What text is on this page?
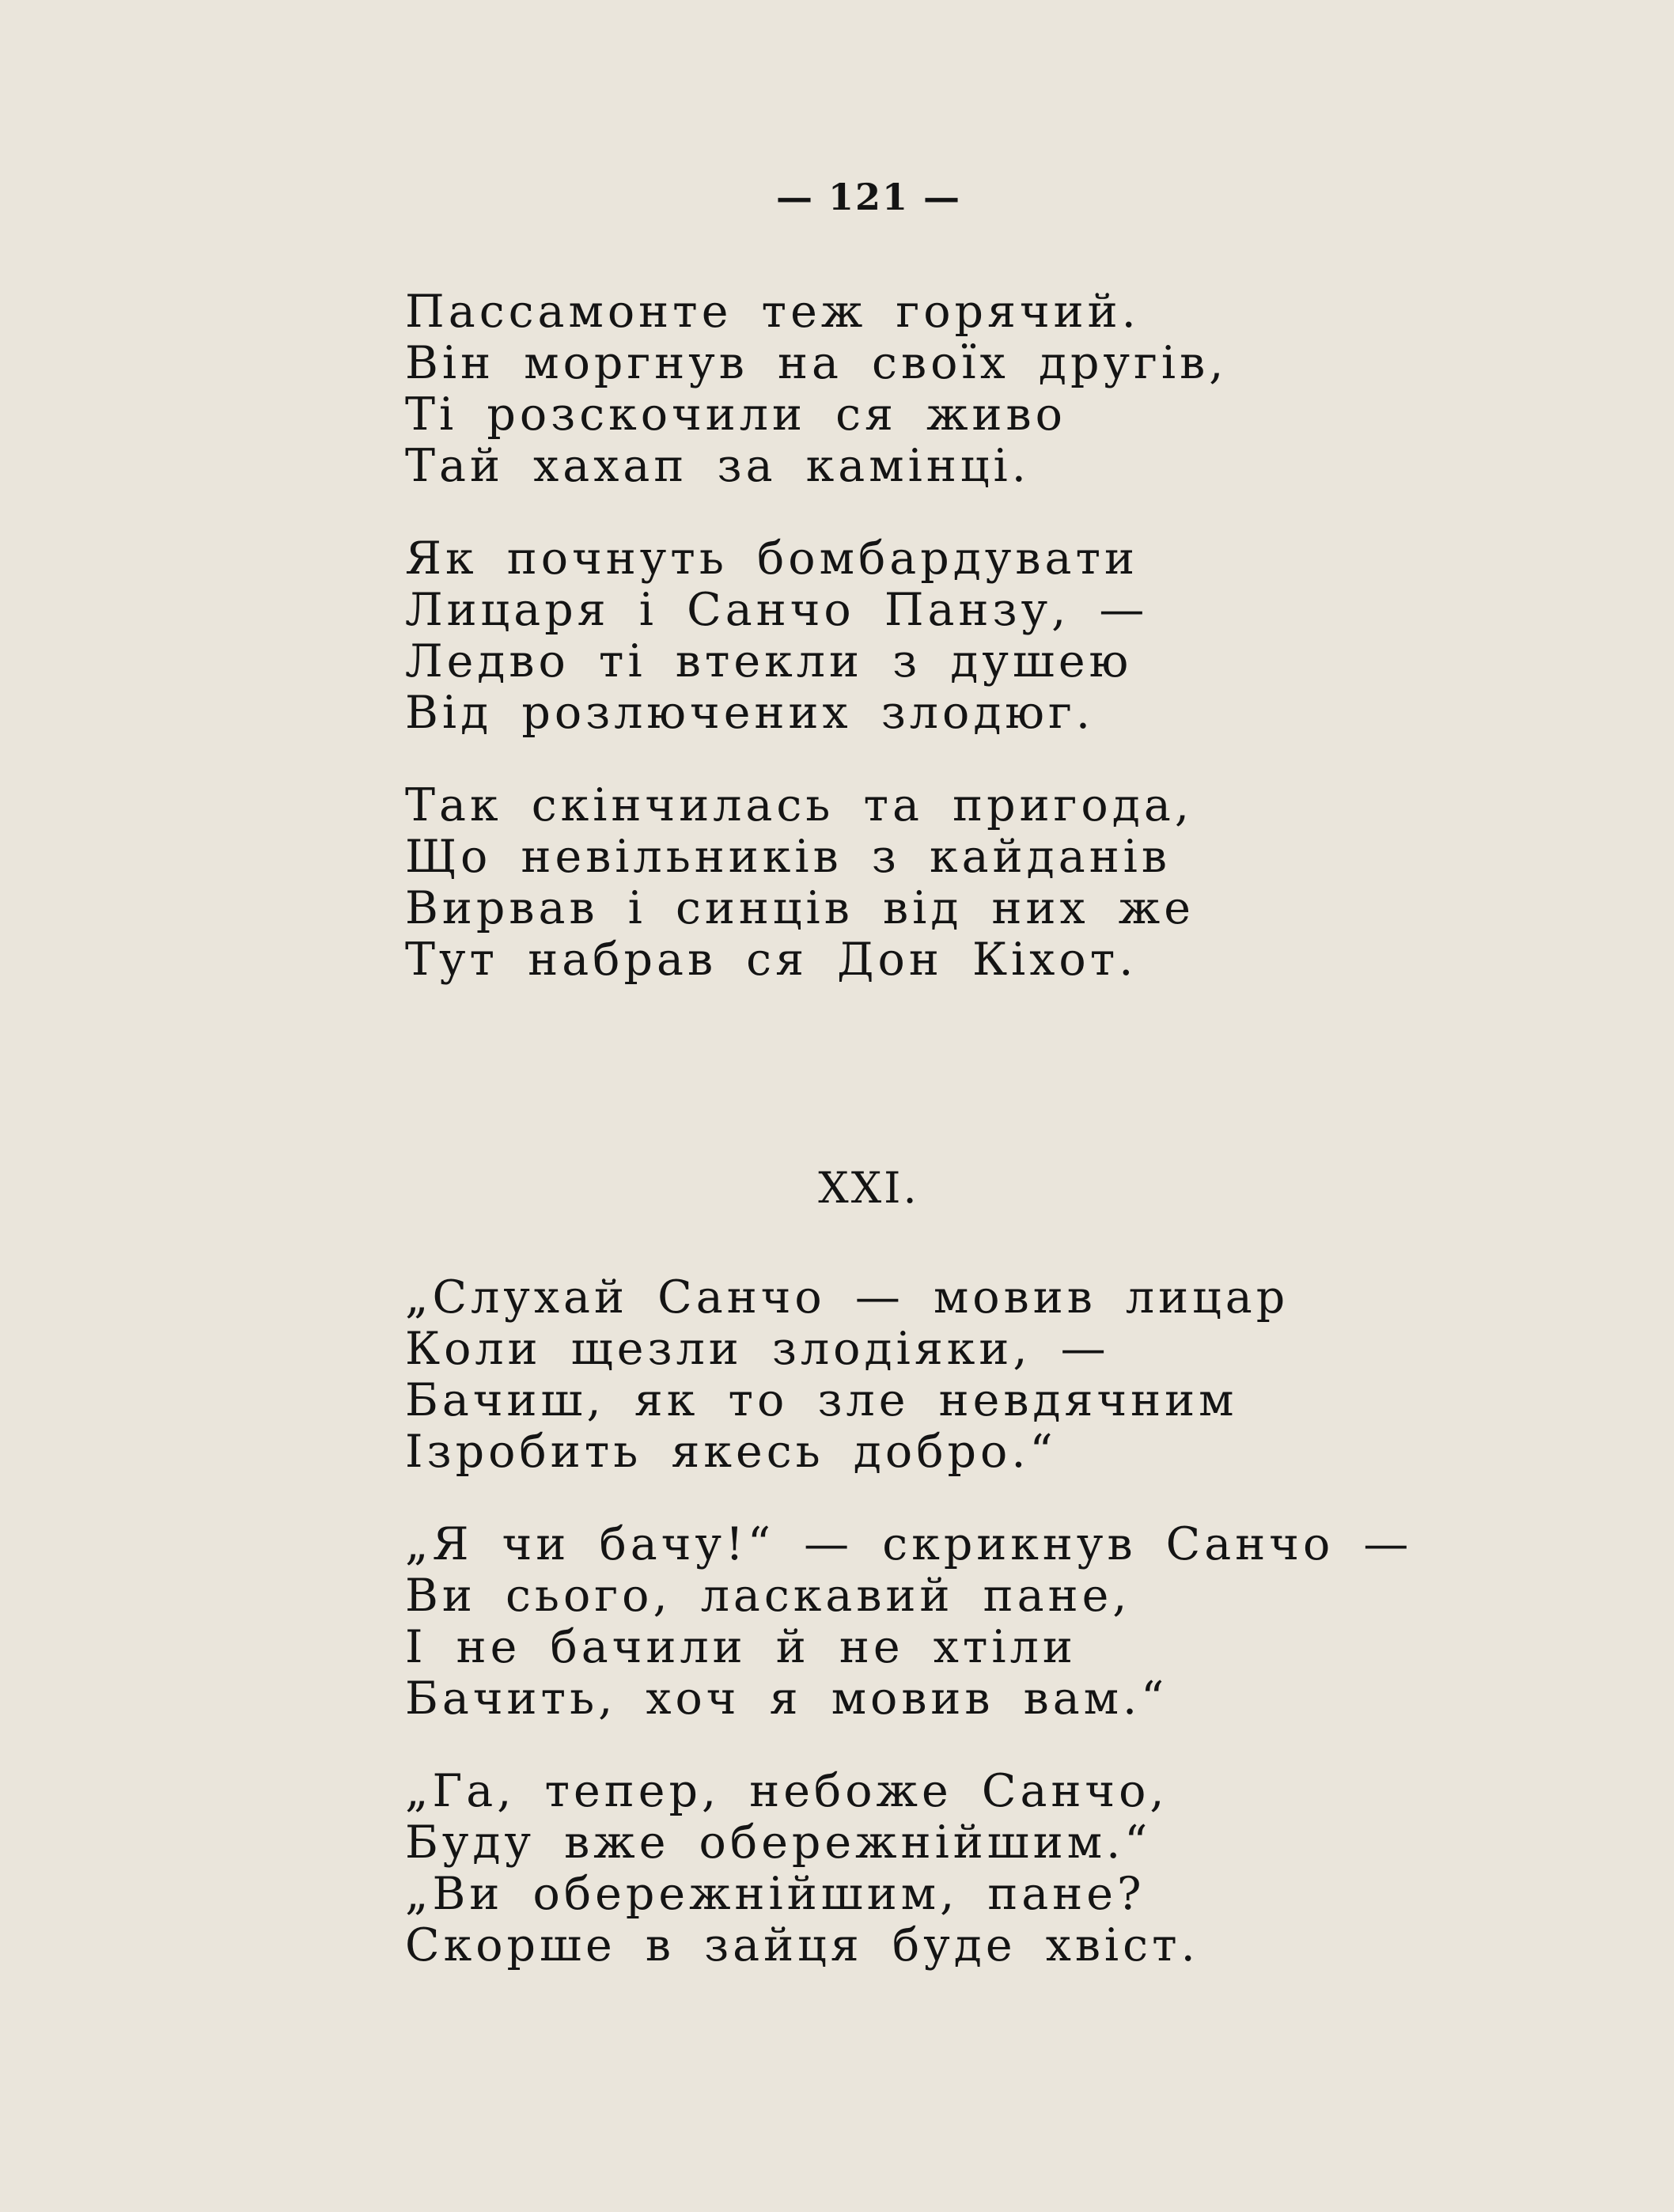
— 121 —
Пассамонте теж горячий.
Він моргнув на своїх другів,
Ті розскочили ся живо
Тай хахап за камінці.
Як почнуть бомбардувати
Лицаря і Санчо Панзу, —
Ледво ті втекли з душею
Від розлючених злодюг.
Так скінчилась та пригода,
Що невільників з кайданів
Вирвав і синців від них же
Тут набрав ся Дон Кіхот.
XXI.
„Слухай Санчо — мовив лицар
Коли щезли злодіяки, —
Бачиш, як то зле невдячним
Ізробить якесь добро.“
„Я чи бачу!“ — скрикнув Санчо —
Ви сього, ласкавий пане,
І не бачили й не хтіли
Бачить, хоч я мовив вам.“
„Га, тепер, небоже Санчо,
Буду вже обережнійшим.“
„Ви обережнійшим, пане?
Скорше в зайця буде хвіст.
